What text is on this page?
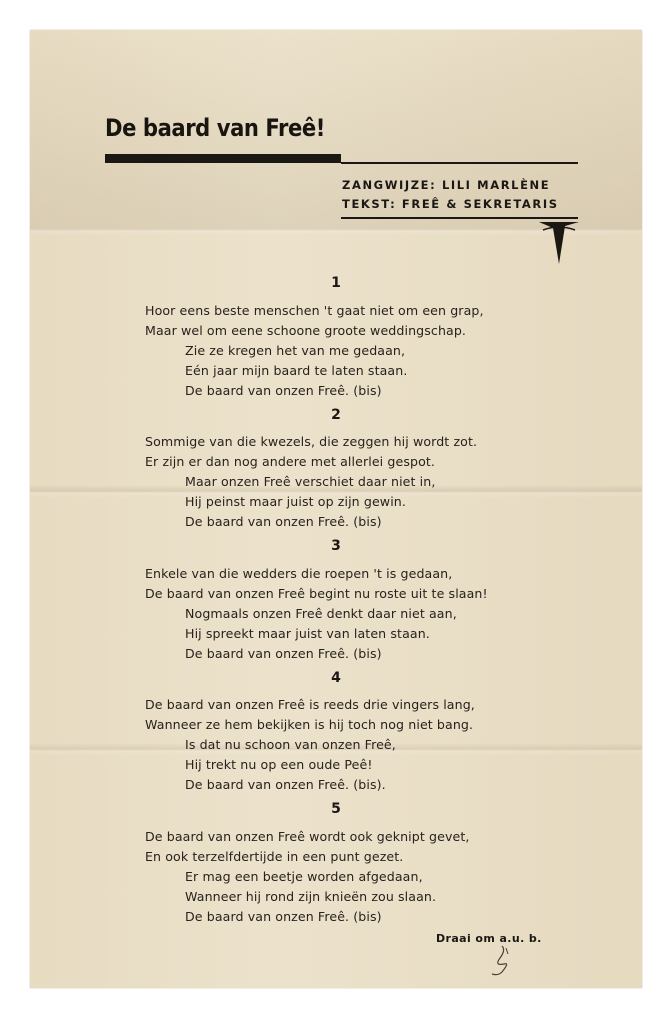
De baard van Freê!
ZANGWIJZE: LILI MARLÈNE
TEKST: FREÊ & SEKRETARIS
1
Hoor eens beste menschen 't gaat niet om een grap,
Maar wel om eene schoone groote weddingschap.
Zie ze kregen het van me gedaan,
Eén jaar mijn baard te laten staan.
De baard van onzen Freê. (bis)
2
Sommige van die kwezels, die zeggen hij wordt zot.
Er zijn er dan nog andere met allerlei gespot.
Maar onzen Freê verschiet daar niet in,
Hij peinst maar juist op zijn gewin.
De baard van onzen Freê. (bis)
3
Enkele van die wedders die roepen 't is gedaan,
De baard van onzen Freê begint nu roste uit te slaan!
Nogmaals onzen Freê denkt daar niet aan,
Hij spreekt maar juist van laten staan.
De baard van onzen Freê. (bis)
4
De baard van onzen Freê is reeds drie vingers lang,
Wanneer ze hem bekijken is hij toch nog niet bang.
Is dat nu schoon van onzen Freê,
Hij trekt nu op een oude Peê!
De baard van onzen Freê. (bis).
5
De baard van onzen Freê wordt ook geknipt gevet,
En ook terzelfdertijde in een punt gezet.
Er mag een beetje worden afgedaan,
Wanneer hij rond zijn knieën zou slaan.
De baard van onzen Freê. (bis)
Draai om a.u. b.
